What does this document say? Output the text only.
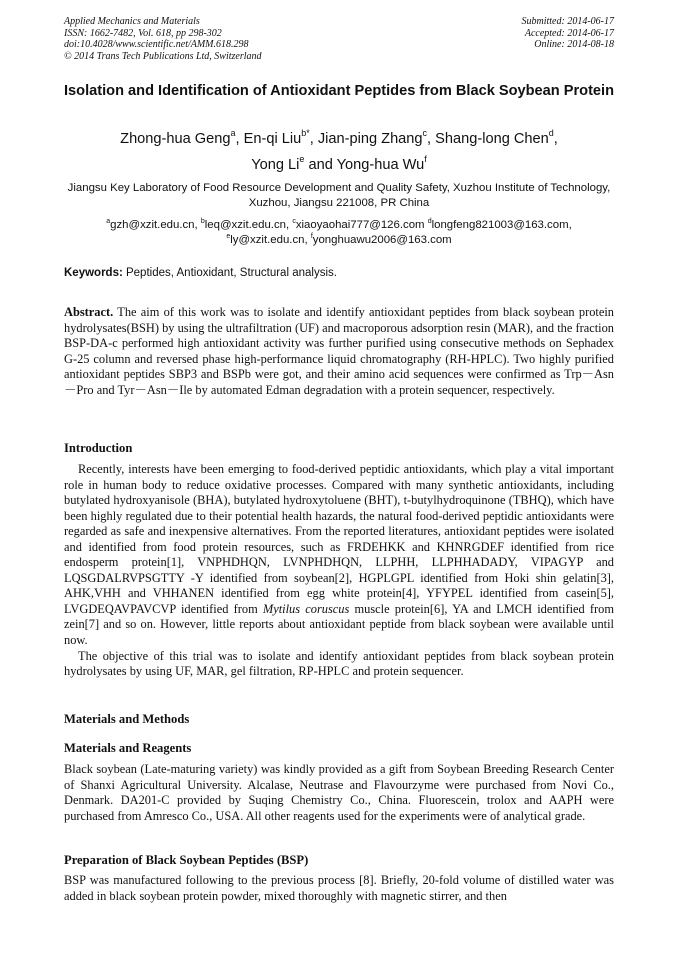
Applied Mechanics and Materials
ISSN: 1662-7482, Vol. 618, pp 298-302
doi:10.4028/www.scientific.net/AMM.618.298
© 2014 Trans Tech Publications Ltd, Switzerland
Submitted: 2014-06-17
Accepted: 2014-06-17
Online: 2014-08-18
Isolation and Identification of Antioxidant Peptides from Black Soybean Protein
Zhong-hua Geng$^a$, En-qi Liu$^{b*}$, Jian-ping Zhang$^c$, Shang-long Chen$^d$,
Yong Li$^e$ and Yong-hua Wu$^f$
Jiangsu Key Laboratory of Food Resource Development and Quality Safety, Xuzhou Institute of Technology, Xuzhou, Jiangsu 221008, PR China
$^a$gzh@xzit.edu.cn, $^b$leq@xzit.edu.cn, $^c$xiaoyaohai777@126.com $^d$longfeng821003@163.com,
$^e$ly@xzit.edu.cn, $^f$yonghuawu2006@163.com
Keywords: Peptides, Antioxidant, Structural analysis.

Abstract. The aim of this work was to isolate and identify antioxidant peptides from black soybean protein hydrolysates(BSH) by using the ultrafiltration (UF) and macroporous adsorption resin (MAR), and the fraction BSP-DA-c performed high antioxidant activity was further purified using consecutive methods on Sephadex G-25 column and reversed phase high-performance liquid chromatography (RH-HPLC). Two highly purified antioxidant peptides SBP3 and BSPb were got, and their amino acid sequences were confirmed as Trp－Asn－Pro and Tyr－Asn－Ile by automated Edman degradation with a protein sequencer, respectively.

Introduction

Recently, interests have been emerging to food-derived peptidic antioxidants, which play a vital important role in human body to reduce oxidative processes. Compared with many synthetic antioxidants, including butylated hydroxyanisole (BHA), butylated hydroxytoluene (BHT), t-butylhydroquinone (TBHQ), which have been highly regulated due to their potential health hazards, the natural food-derived peptidic antioxidants were regarded as safe and inexpensive alternatives. From the reported literatures, antioxidant peptides were isolated and identified from food protein resources, such as FRDEHKK and KHNRGDEF identified from rice endosperm protein[1], VNPHDHQN, LVNPHDHQN, LLPHH, LLPHHADADY, VIPAGYP and LQSGDALRVPSGTTY -Y identified from soybean[2], HGPLGPL identified from Hoki shin gelatin[3], AHK,VHH and VHHANEN identified from egg white protein[4], YFYPEL identified from casein[5], LVGDEQAVPAVCVP identified from Mytilus coruscus muscle protein[6], YA and LMCH identified from zein[7] and so on. However, little reports about antioxidant peptide from black soybean were available until now.

The objective of this trial was to isolate and identify antioxidant peptides from black soybean protein hydrolysates by using UF, MAR, gel filtration, RP-HPLC and protein sequencer.

Materials and Methods
Materials and Reagents
Black soybean (Late-maturing variety) was kindly provided as a gift from Soybean Breeding Research Center of Shanxi Agricultural University. Alcalase, Neutrase and Flavourzyme were purchased from Novi Co., Denmark. DA201-C provided by Suqing Chemistry Co., China. Fluorescein, trolox and AAPH were purchased from Amresco Co., USA. All other reagents used for the experiments were of analytical grade.
Preparation of Black Soybean Peptides (BSP)
BSP was manufactured following to the previous process [8]. Briefly, 20-fold volume of distilled water was added in black soybean protein powder, mixed thoroughly with magnetic stirrer, and then
